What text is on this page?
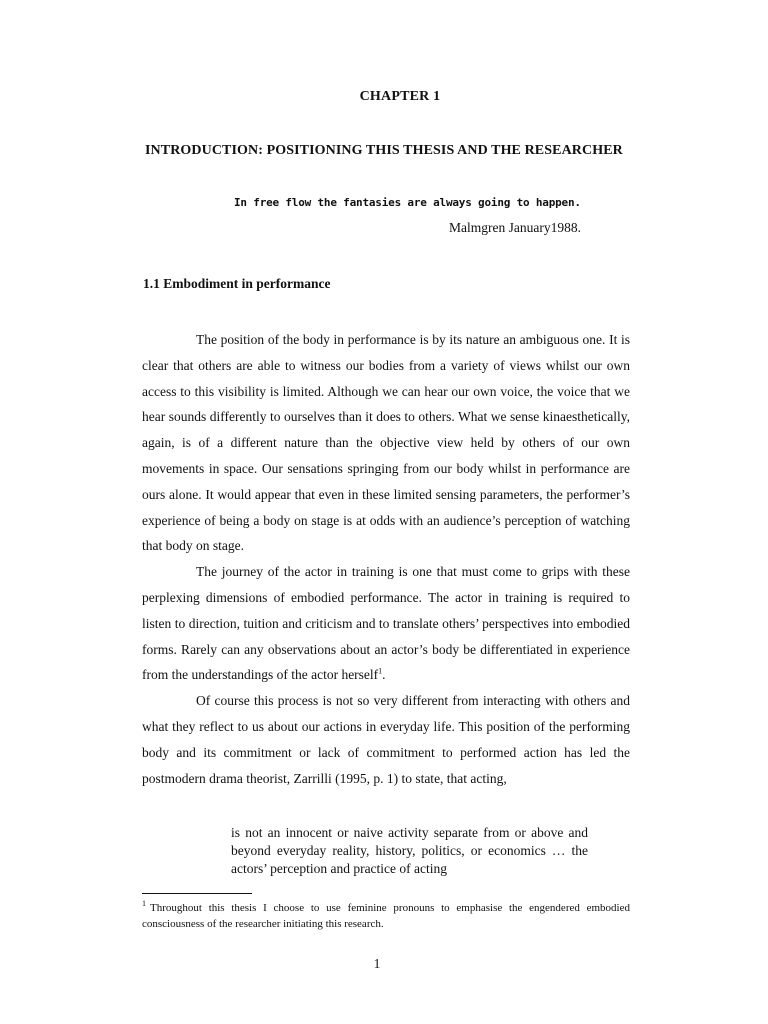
CHAPTER 1
INTRODUCTION: POSITIONING THIS THESIS AND THE RESEARCHER
In free flow the fantasies are always going to happen.
Malmgren January1988.
1.1 Embodiment in performance

The position of the body in performance is by its nature an ambiguous one. It is clear that others are able to witness our bodies from a variety of views whilst our own access to this visibility is limited. Although we can hear our own voice, the voice that we hear sounds differently to ourselves than it does to others. What we sense kinaesthetically, again, is of a different nature than the objective view held by others of our own movements in space. Our sensations springing from our body whilst in performance are ours alone. It would appear that even in these limited sensing parameters, the performer’s experience of being a body on stage is at odds with an audience’s perception of watching that body on stage.

The journey of the actor in training is one that must come to grips with these perplexing dimensions of embodied performance. The actor in training is required to listen to direction, tuition and criticism and to translate others’ perspectives into embodied forms. Rarely can any observations about an actor’s body be differentiated in experience from the understandings of the actor herself$^1$.

Of course this process is not so very different from interacting with others and what they reflect to us about our actions in everyday life. This position of the performing body and its commitment or lack of commitment to performed action has led the postmodern drama theorist, Zarrilli (1995, p. 1) to state, that acting,

is not an innocent or naive activity separate from or above and beyond everyday reality, history, politics, or economics … the actors’ perception and practice of acting

$^1$ Throughout this thesis I choose to use feminine pronouns to emphasise the engendered embodied consciousness of the researcher initiating this research.
1
